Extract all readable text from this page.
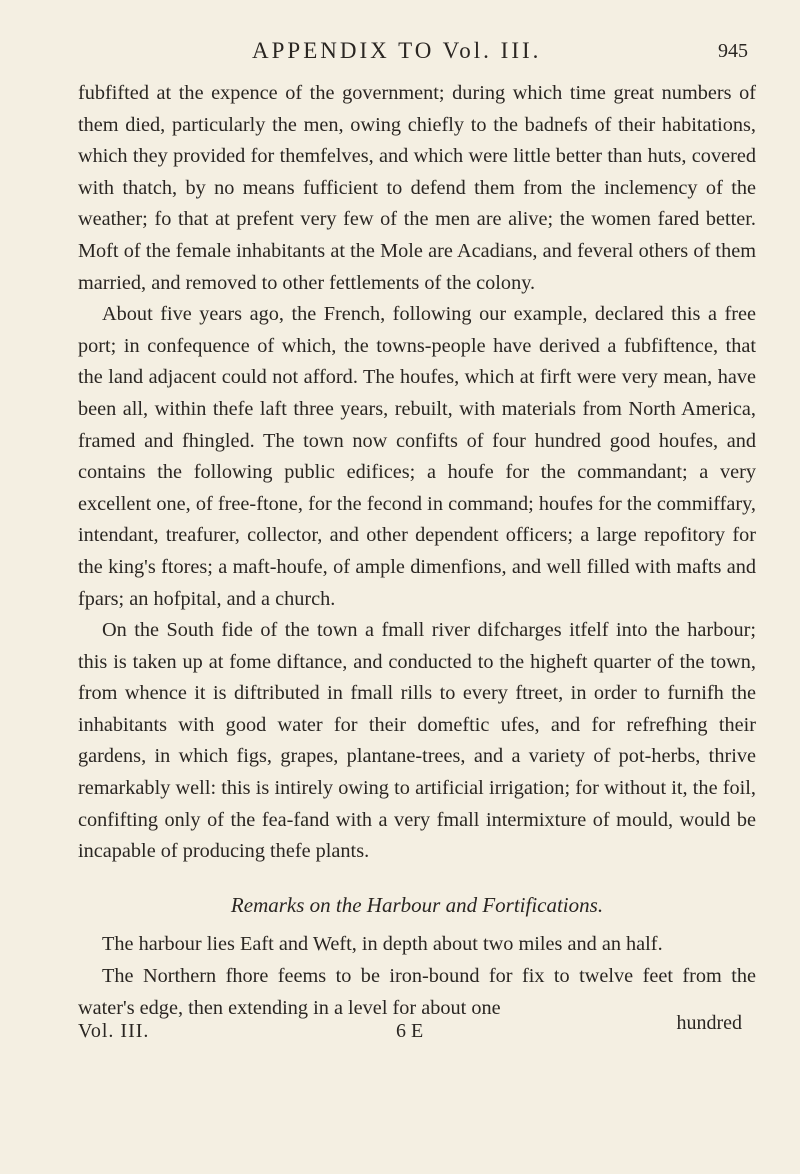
APPENDIX TO Vol. III.	945

fubfifted at the expence of the government; during which time great numbers of them died, particularly the men, owing chiefly to the badnefs of their habitations, which they provided for themfelves, and which were little better than huts, covered with thatch, by no means fufficient to defend them from the inclemency of the weather; fo that at prefent very few of the men are alive; the women fared better. Moft of the female inhabitants at the Mole are Acadians, and feveral others of them married, and removed to other fettlements of the colony.

About five years ago, the French, following our example, declared this a free port; in confequence of which, the towns-people have derived a fubfiftence, that the land adjacent could not afford. The houfes, which at firft were very mean, have been all, within thefe laft three years, rebuilt, with materials from North America, framed and fhingled. The town now confifts of four hundred good houfes, and contains the following public edifices; a houfe for the commandant; a very excellent one, of free-ftone, for the fecond in command; houfes for the commiffary, intendant, treafurer, collector, and other dependent officers; a large repofitory for the king's ftores; a maft-houfe, of ample dimenfions, and well filled with mafts and fpars; an hofpital, and a church.

On the South fide of the town a fmall river difcharges itfelf into the harbour; this is taken up at fome diftance, and conducted to the higheft quarter of the town, from whence it is diftributed in fmall rills to every ftreet, in order to furnifh the inhabitants with good water for their domeftic ufes, and for refrefhing their gardens, in which figs, grapes, plantane-trees, and a variety of pot-herbs, thrive remarkably well: this is intirely owing to artificial irrigation; for without it, the foil, confifting only of the fea-fand with a very fmall intermixture of mould, would be incapable of producing thefe plants.

Remarks on the Harbour and Fortifications.

The harbour lies Eaft and Weft, in depth about two miles and an half.

The Northern fhore feems to be iron-bound for fix to twelve feet from the water's edge, then extending in a level for about one

Vol. III.	6 E	hundred
